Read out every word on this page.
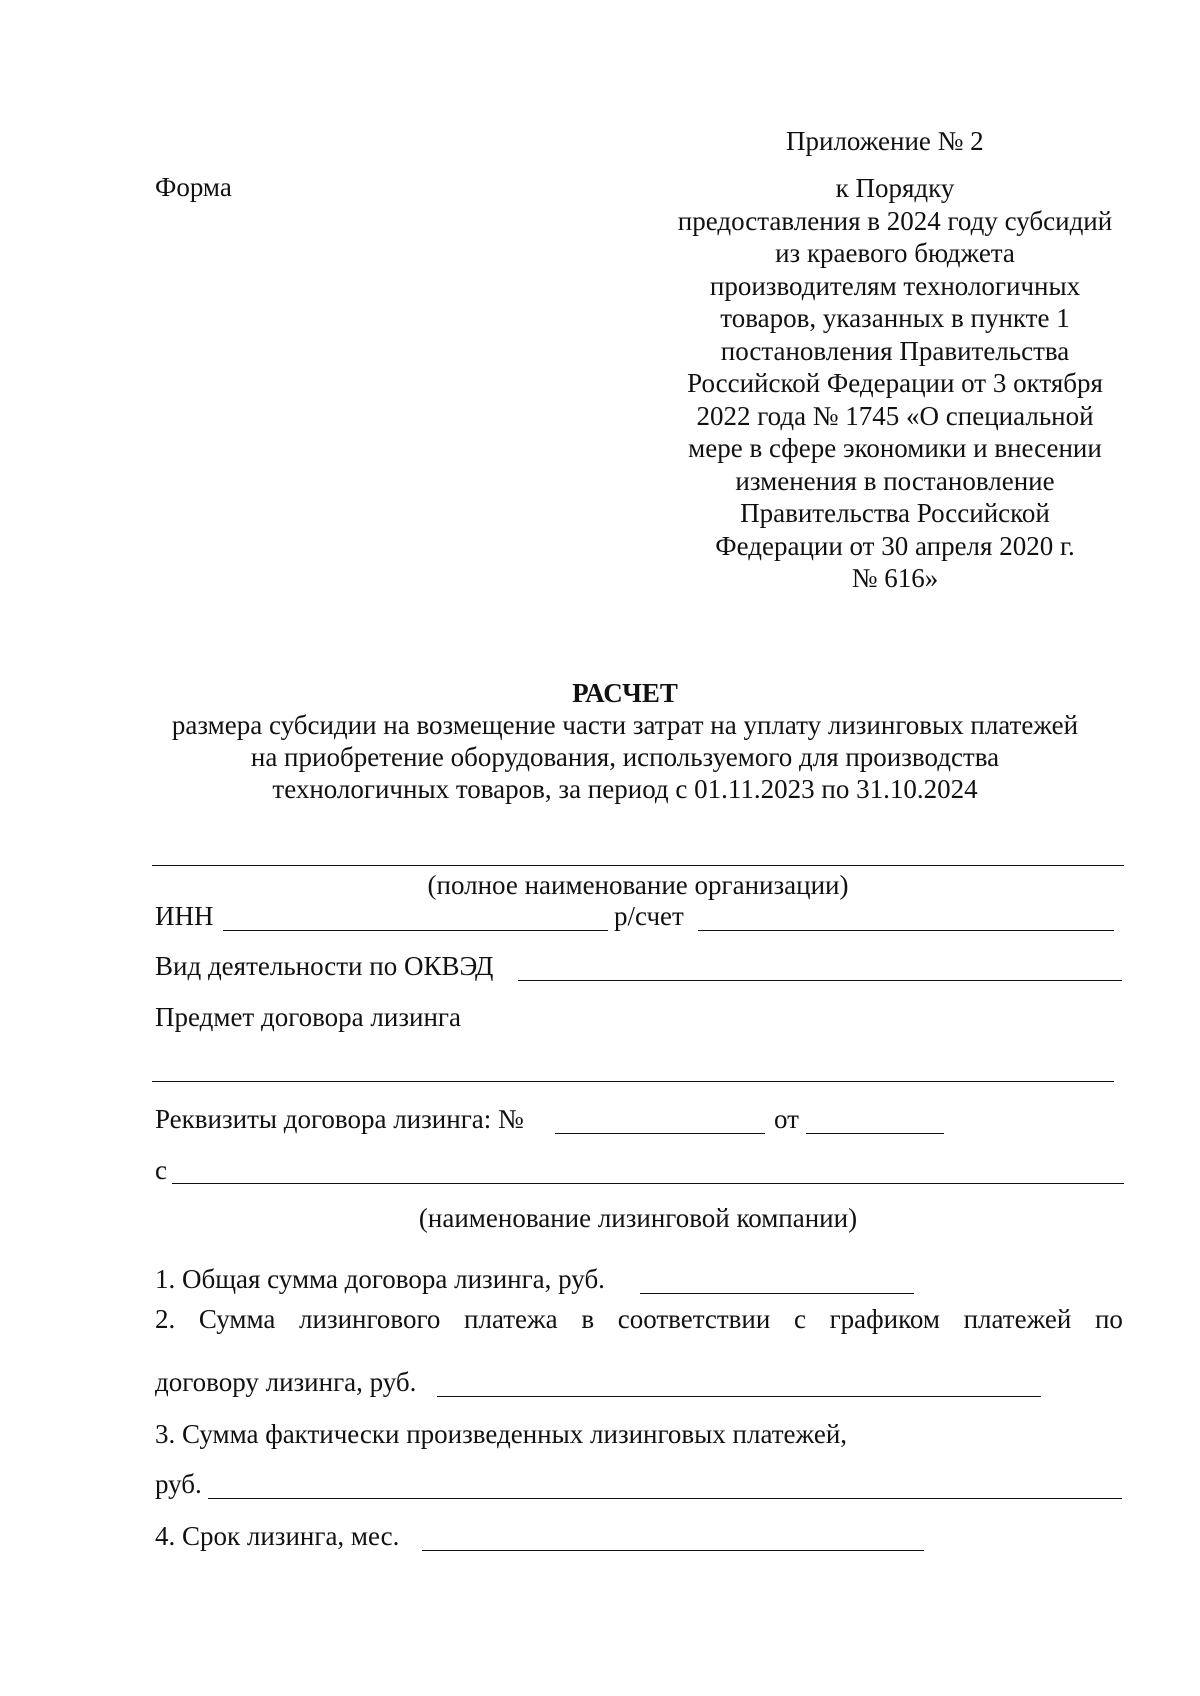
Приложение № 2
Форма	к Порядку
предоставления в 2024 году субсидий
из краевого бюджета
производителям технологичных
товаров, указанных в пункте 1
постановления Правительства
Российской Федерации от 3 октября
2022 года № 1745 «О специальной
мере в сфере экономики и внесении
изменения в постановление
Правительства Российской
Федерации от 30 апреля 2020 г.
№ 616»
РАСЧЕТ
размера субсидии на возмещение части затрат на уплату лизинговых платежей
на приобретение оборудования, используемого для производства
технологичных товаров, за период с 01.11.2023 по 31.10.2024
(полное наименование организации)
ИНН	р/счет
Вид деятельности по ОКВЭД
Предмет договора лизинга
Реквизиты договора лизинга: №	от
с
(наименование лизинговой компании)
1. Общая сумма договора лизинга, руб.
2. Сумма лизингового платежа в соответствии с графиком платежей по
договору лизинга, руб.
3. Сумма фактически произведенных лизинговых платежей,
руб.
4. Срок лизинга, мес.
